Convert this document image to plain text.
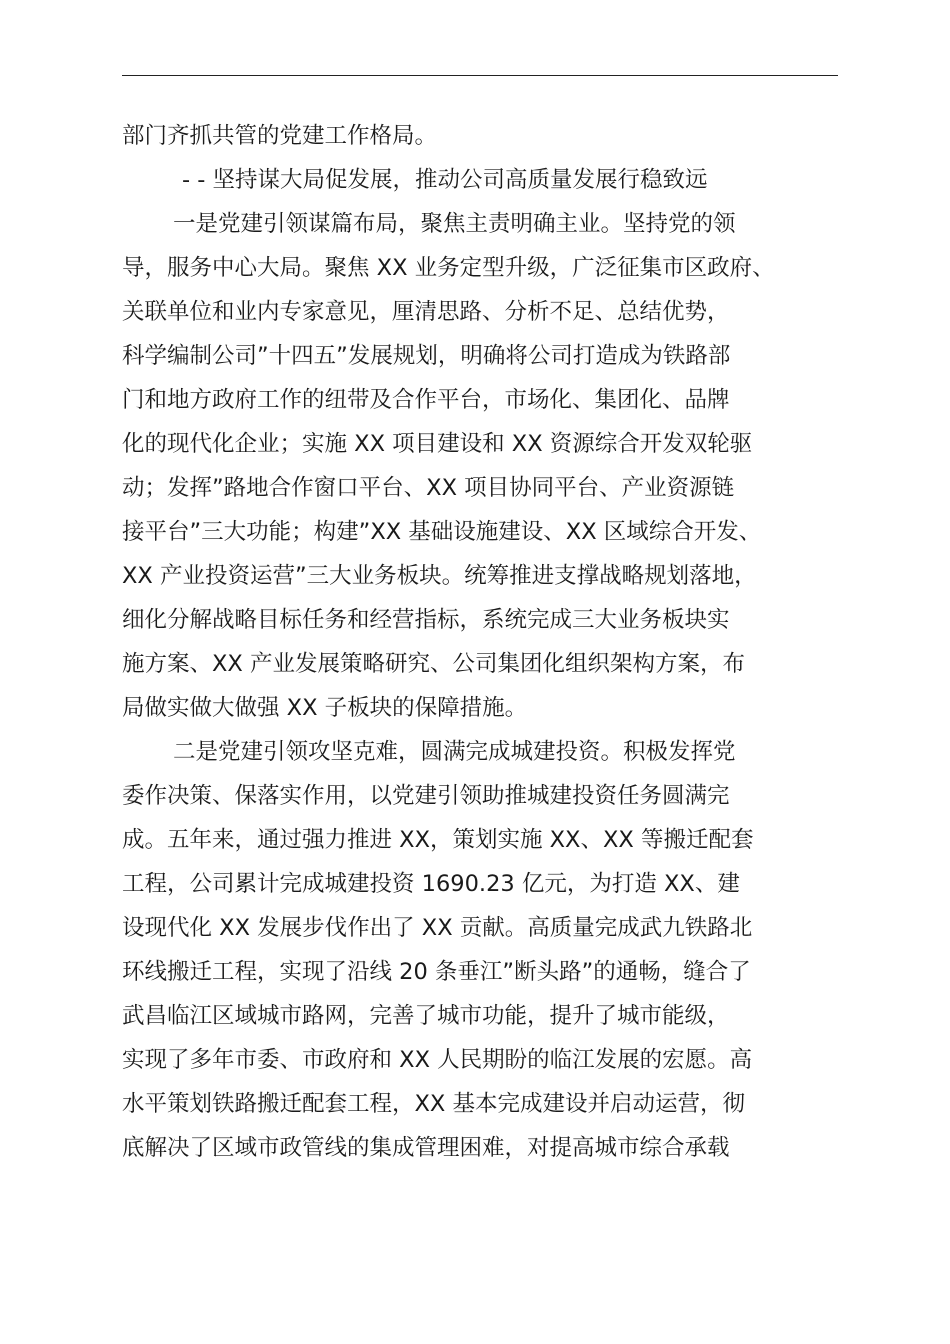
部门齐抓共管的党建工作格局。
- - 坚持谋大局促发展，推动公司高质量发展行稳致远
一是党建引领谋篇布局，聚焦主责明确主业。坚持党的领
导，服务中心大局。聚焦 XX 业务定型升级，广泛征集市区政府、
关联单位和业内专家意见，厘清思路、分析不足、总结优势，
科学编制公司”十四五”发展规划，明确将公司打造成为铁路部
门和地方政府工作的纽带及合作平台，市场化、集团化、品牌
化的现代化企业；实施 XX 项目建设和 XX 资源综合开发双轮驱
动；发挥”路地合作窗口平台、XX 项目协同平台、产业资源链
接平台”三大功能；构建”XX 基础设施建设、XX 区域综合开发、
XX 产业投资运营”三大业务板块。统筹推进支撑战略规划落地，
细化分解战略目标任务和经营指标，系统完成三大业务板块实
施方案、XX 产业发展策略研究、公司集团化组织架构方案，布
局做实做大做强 XX 子板块的保障措施。
二是党建引领攻坚克难，圆满完成城建投资。积极发挥党
委作决策、保落实作用，以党建引领助推城建投资任务圆满完
成。五年来，通过强力推进 XX，策划实施 XX、XX 等搬迁配套
工程，公司累计完成城建投资 1690.23 亿元，为打造 XX、建
设现代化 XX 发展步伐作出了 XX 贡献。高质量完成武九铁路北
环线搬迁工程，实现了沿线 20 条垂江”断头路”的通畅，缝合了
武昌临江区域城市路网，完善了城市功能，提升了城市能级，
实现了多年市委、市政府和 XX 人民期盼的临江发展的宏愿。高
水平策划铁路搬迁配套工程，XX 基本完成建设并启动运营，彻
底解决了区域市政管线的集成管理困难，对提高城市综合承载
